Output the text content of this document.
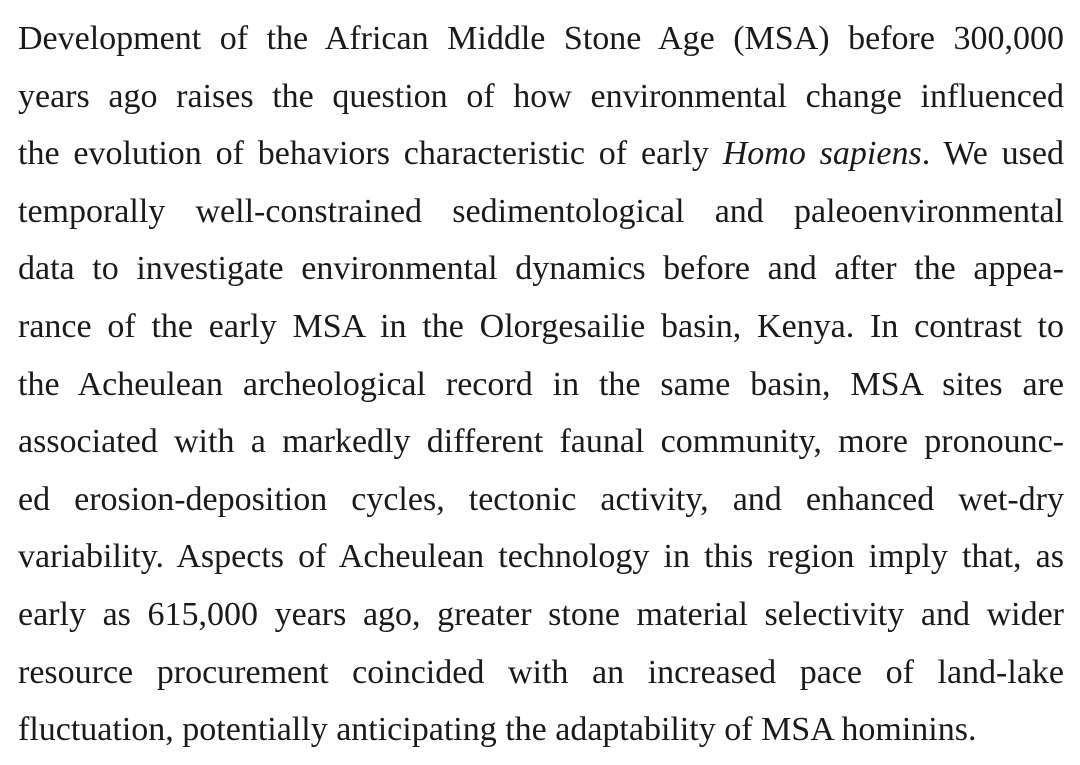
Development of the African Middle Stone Age (MSA) before 300,000
years ago raises the question of how environmental change influenced
the evolution of behaviors characteristic of early Homo sapiens. We used
temporally well-constrained sedimentological and paleoenvironmental
data to investigate environmental dynamics before and after the appea-
rance of the early MSA in the Olorgesailie basin, Kenya. In contrast to
the Acheulean archeological record in the same basin, MSA sites are
associated with a markedly different faunal community, more pronounc-
ed erosion-deposition cycles, tectonic activity, and enhanced wet-dry
variability. Aspects of Acheulean technology in this region imply that, as
early as 615,000 years ago, greater stone material selectivity and wider
resource procurement coincided with an increased pace of land-lake
fluctuation, potentially anticipating the adaptability of MSA hominins.
